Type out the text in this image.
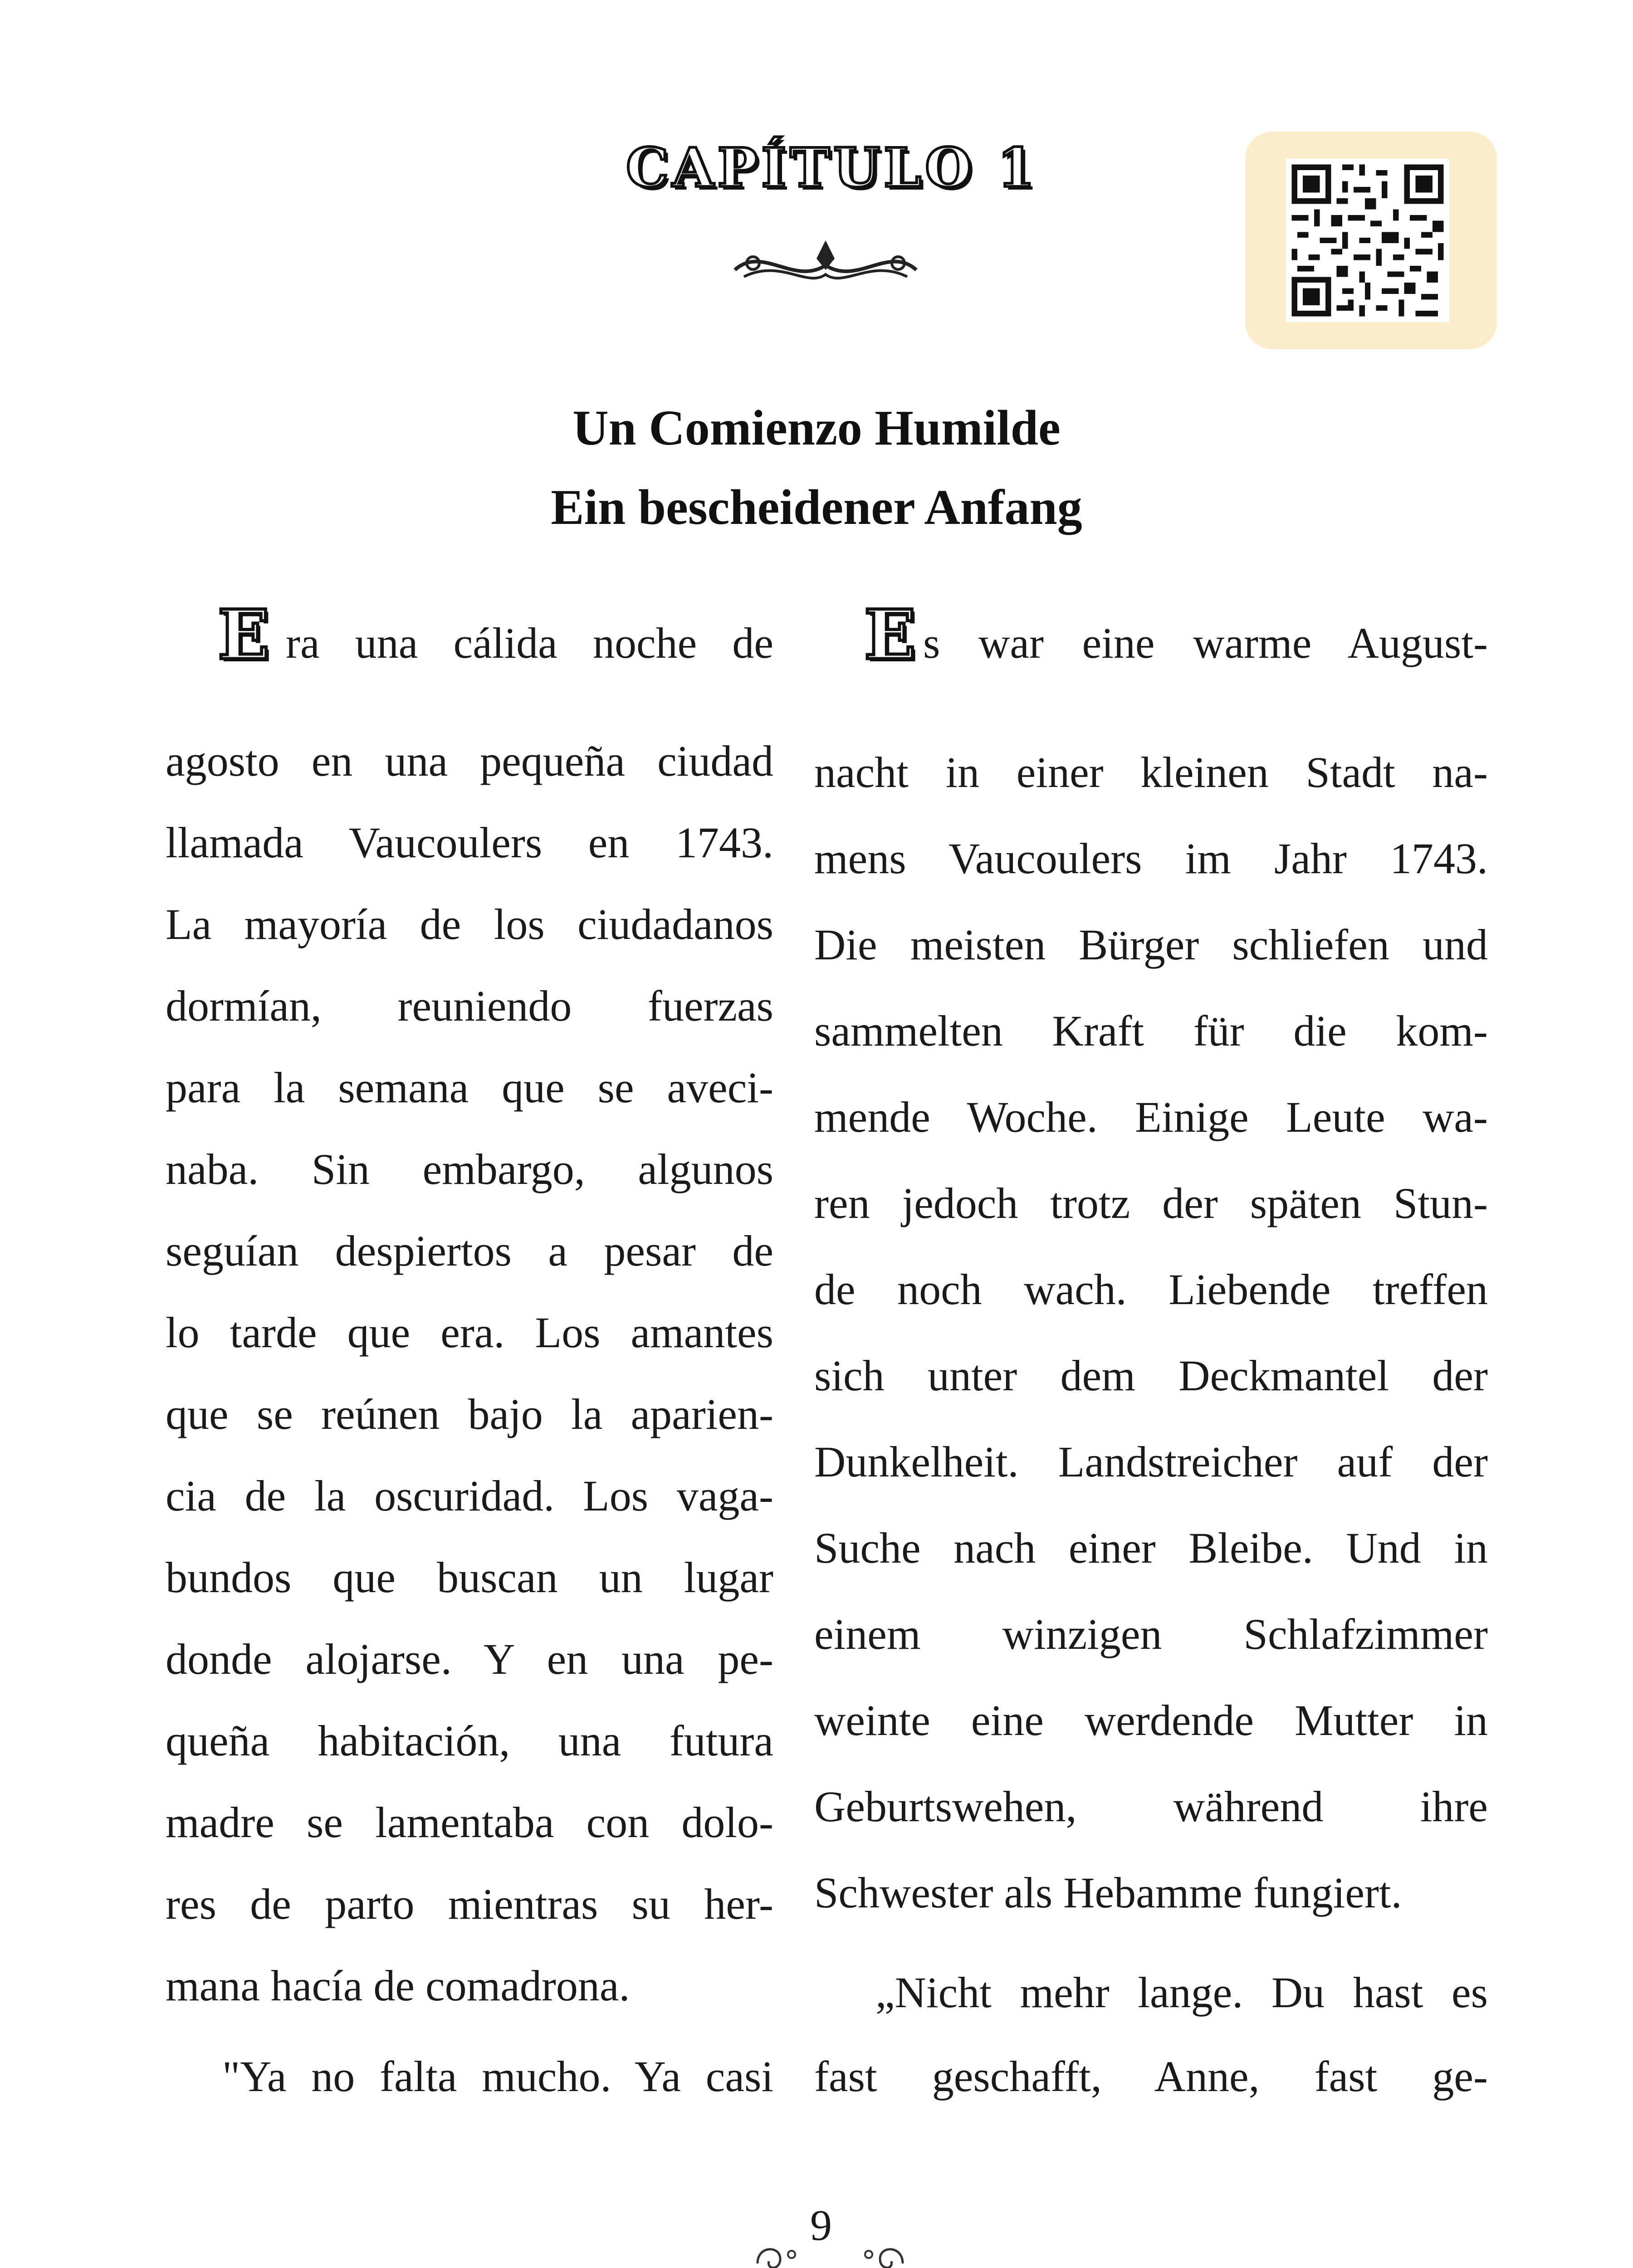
CAPÍTULO 1
Un Comienzo Humilde
Ein bescheidener Anfang
E ra una cálida noche de
agosto en una pequeña ciudad
llamada Vaucoulers en 1743.
La mayoría de los ciudadanos
dormían, reuniendo fuerzas
para la semana que se aveci-
naba. Sin embargo, algunos
seguían despiertos a pesar de
lo tarde que era. Los amantes
que se reúnen bajo la aparien-
cia de la oscuridad. Los vaga-
bundos que buscan un lugar
donde alojarse. Y en una pe-
queña habitación, una futura
madre se lamentaba con dolo-
res de parto mientras su her-
mana hacía de comadrona.
"Ya no falta mucho. Ya casi
E s war eine warme August-
nacht in einer kleinen Stadt na-
mens Vaucoulers im Jahr 1743.
Die meisten Bürger schliefen und
sammelten Kraft für die kom-
mende Woche. Einige Leute wa-
ren jedoch trotz der späten Stun-
de noch wach. Liebende treffen
sich unter dem Deckmantel der
Dunkelheit. Landstreicher auf der
Suche nach einer Bleibe. Und in
einem winzigen Schlafzimmer
weinte eine werdende Mutter in
Geburtswehen, während ihre
Schwester als Hebamme fungiert.
„Nicht mehr lange. Du hast es
fast geschafft, Anne, fast ge-
9
